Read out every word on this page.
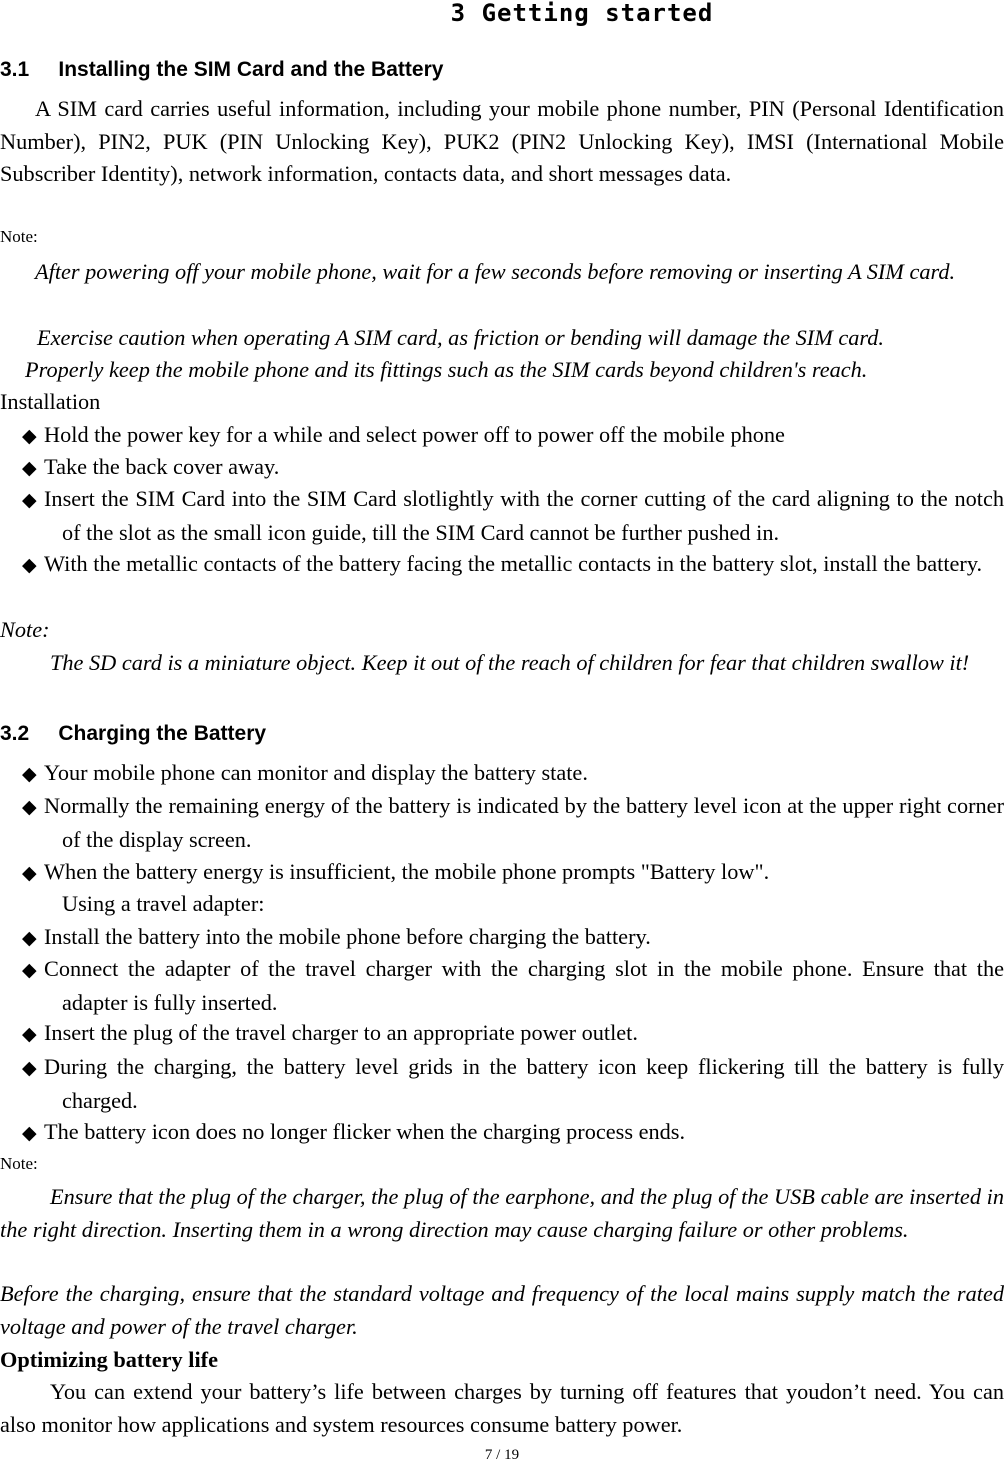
3 Getting started
3.1     Installing the SIM Card and the Battery

A SIM card carries useful information, including your mobile phone number, PIN (Personal Identification Number), PIN2, PUK (PIN Unlocking Key), PUK2 (PIN2 Unlocking Key), IMSI (International Mobile Subscriber Identity), network information, contacts data, and short messages data.

Note:

After powering off your mobile phone, wait for a few seconds before removing or inserting A SIM card.

Exercise caution when operating A SIM card, as friction or bending will damage the SIM card.

Properly keep the mobile phone and its fittings such as the SIM cards beyond children's reach.

Installation

◆ Hold the power key for a while and select power off to power off the mobile phone

◆ Take the back cover away.

◆ Insert the SIM Card into the SIM Card slotlightly with the corner cutting of the card aligning to the notch of the slot as the small icon guide, till the SIM Card cannot be further pushed in.

◆ With the metallic contacts of the battery facing the metallic contacts in the battery slot, install the battery.

Note:

The SD card is a miniature object. Keep it out of the reach of children for fear that children swallow it!

3.2     Charging the Battery

◆ Your mobile phone can monitor and display the battery state.

◆ Normally the remaining energy of the battery is indicated by the battery level icon at the upper right corner of the display screen.

◆ When the battery energy is insufficient, the mobile phone prompts "Battery low".

Using a travel adapter:

◆ Install the battery into the mobile phone before charging the battery.

◆ Connect the adapter of the travel charger with the charging slot in the mobile phone. Ensure that the adapter is fully inserted.

◆ Insert the plug of the travel charger to an appropriate power outlet.

◆ During the charging, the battery level grids in the battery icon keep flickering till the battery is fully charged.

◆ The battery icon does no longer flicker when the charging process ends.

Note:

Ensure that the plug of the charger, the plug of the earphone, and the plug of the USB cable are inserted in the right direction. Inserting them in a wrong direction may cause charging failure or other problems.

Before the charging, ensure that the standard voltage and frequency of the local mains supply match the rated voltage and power of the travel charger.

Optimizing battery life

You can extend your battery’s life between charges by turning off features that youdon’t need. You can also monitor how applications and system resources consume battery power.

7 / 19
